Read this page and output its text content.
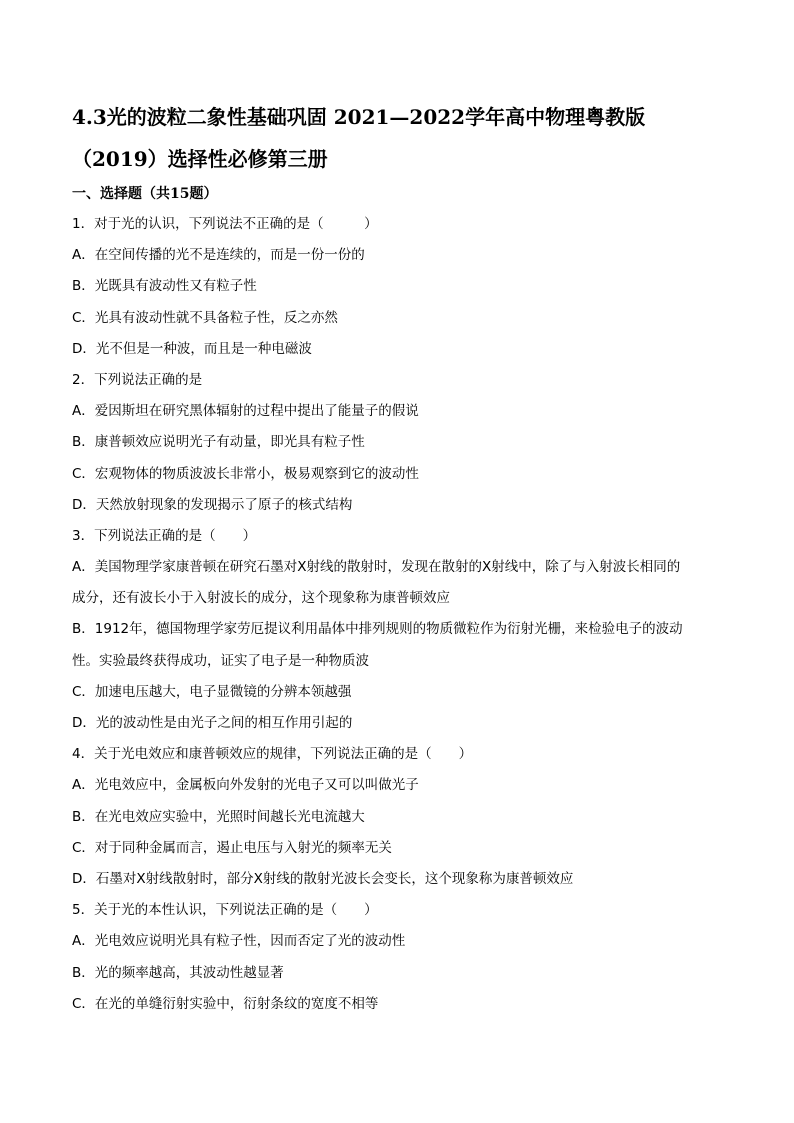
4.3光的波粒二象性基础巩固 2021—2022学年高中物理粤教版
（2019）选择性必修第三册
一、选择题（共15题）
1．对于光的认识，下列说法不正确的是（　　　）
A．在空间传播的光不是连续的，而是一份一份的
B．光既具有波动性又有粒子性
C．光具有波动性就不具备粒子性，反之亦然
D．光不但是一种波，而且是一种电磁波
2．下列说法正确的是
A．爱因斯坦在研究黑体辐射的过程中提出了能量子的假说
B．康普顿效应说明光子有动量，即光具有粒子性
C．宏观物体的物质波波长非常小，极易观察到它的波动性
D．天然放射现象的发现揭示了原子的核式结构
3．下列说法正确的是（　　）
A．美国物理学家康普顿在研究石墨对X射线的散射时，发现在散射的X射线中，除了与入射波长相同的
成分，还有波长小于入射波长的成分，这个现象称为康普顿效应
B．1912年，德国物理学家劳厄提议利用晶体中排列规则的物质微粒作为衍射光栅，来检验电子的波动
性。实验最终获得成功，证实了电子是一种物质波
C．加速电压越大，电子显微镜的分辨本领越强
D．光的波动性是由光子之间的相互作用引起的
4．关于光电效应和康普顿效应的规律，下列说法正确的是（　　）
A．光电效应中，金属板向外发射的光电子又可以叫做光子
B．在光电效应实验中，光照时间越长光电流越大
C．对于同种金属而言，遏止电压与入射光的频率无关
D．石墨对X射线散射时，部分X射线的散射光波长会变长，这个现象称为康普顿效应
5．关于光的本性认识，下列说法正确的是（　　）
A．光电效应说明光具有粒子性，因而否定了光的波动性
B．光的频率越高，其波动性越显著
C．在光的单缝衍射实验中，衍射条纹的宽度不相等
